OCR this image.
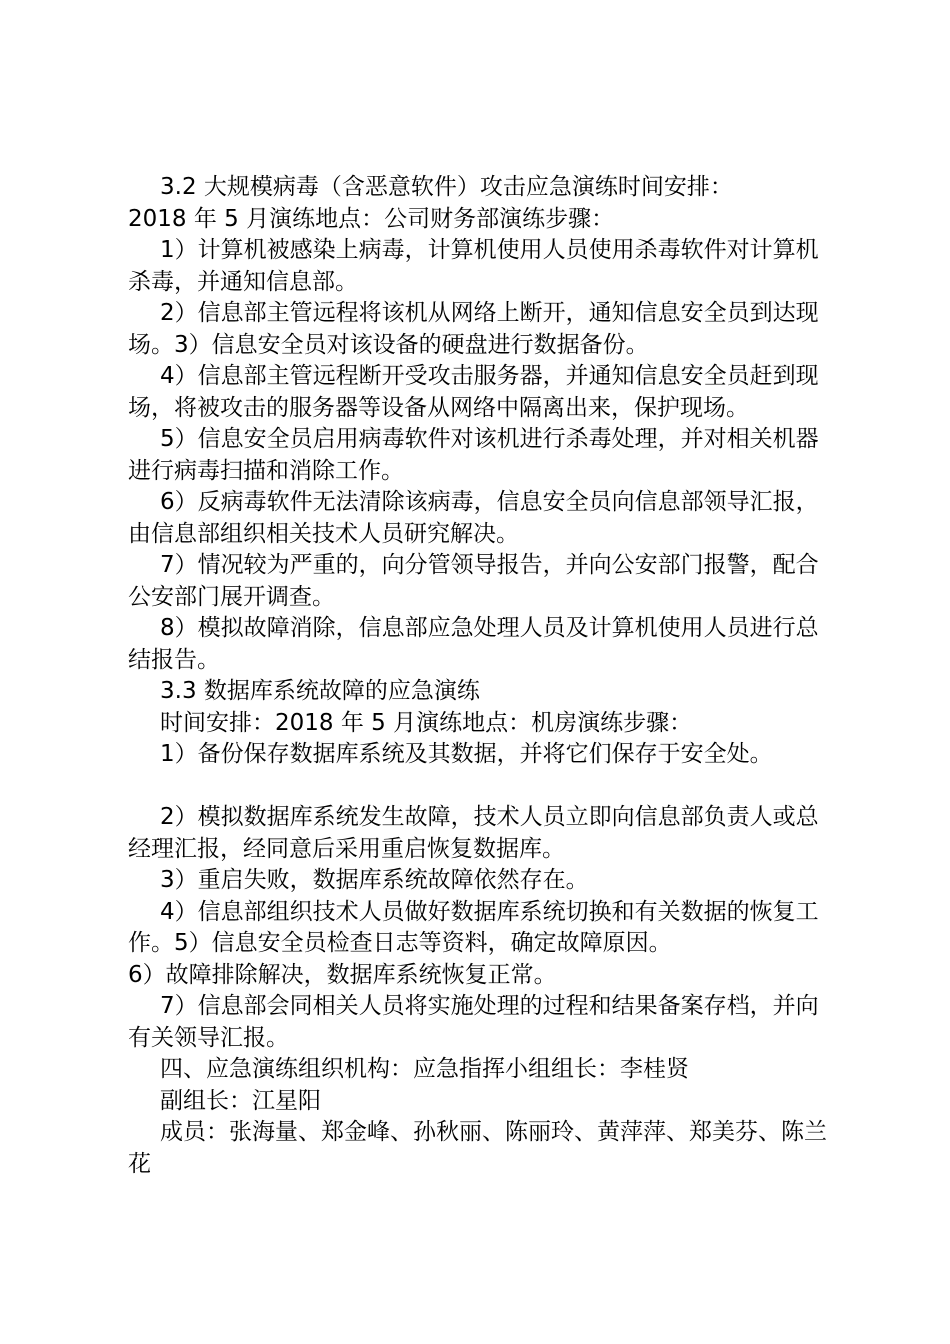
3.2 大规模病毒（含恶意软件）攻击应急演练时间安排：

2018 年 5 月演练地点：公司财务部演练步骤：

1）计算机被感染上病毒，计算机使用人员使用杀毒软件对计算机杀毒，并通知信息部。

2）信息部主管远程将该机从网络上断开，通知信息安全员到达现场。3）信息安全员对该设备的硬盘进行数据备份。

4）信息部主管远程断开受攻击服务器，并通知信息安全员赶到现场，将被攻击的服务器等设备从网络中隔离出来，保护现场。

5）信息安全员启用病毒软件对该机进行杀毒处理，并对相关机器进行病毒扫描和消除工作。

6）反病毒软件无法清除该病毒，信息安全员向信息部领导汇报，由信息部组织相关技术人员研究解决。

7）情况较为严重的，向分管领导报告，并向公安部门报警，配合公安部门展开调查。

8）模拟故障消除，信息部应急处理人员及计算机使用人员进行总结报告。

3.3 数据库系统故障的应急演练

时间安排：2018 年 5 月演练地点：机房演练步骤：

1）备份保存数据库系统及其数据，并将它们保存于安全处。

2）模拟数据库系统发生故障，技术人员立即向信息部负责人或总经理汇报，经同意后采用重启恢复数据库。

3）重启失败，数据库系统故障依然存在。

4）信息部组织技术人员做好数据库系统切换和有关数据的恢复工作。5）信息安全员检查日志等资料，确定故障原因。

6）故障排除解决，数据库系统恢复正常。

7）信息部会同相关人员将实施处理的过程和结果备案存档，并向有关领导汇报。

四、应急演练组织机构：应急指挥小组组长：李桂贤

副组长：江星阳

成员：张海量、郑金峰、孙秋丽、陈丽玲、黄萍萍、郑美芬、陈兰花
